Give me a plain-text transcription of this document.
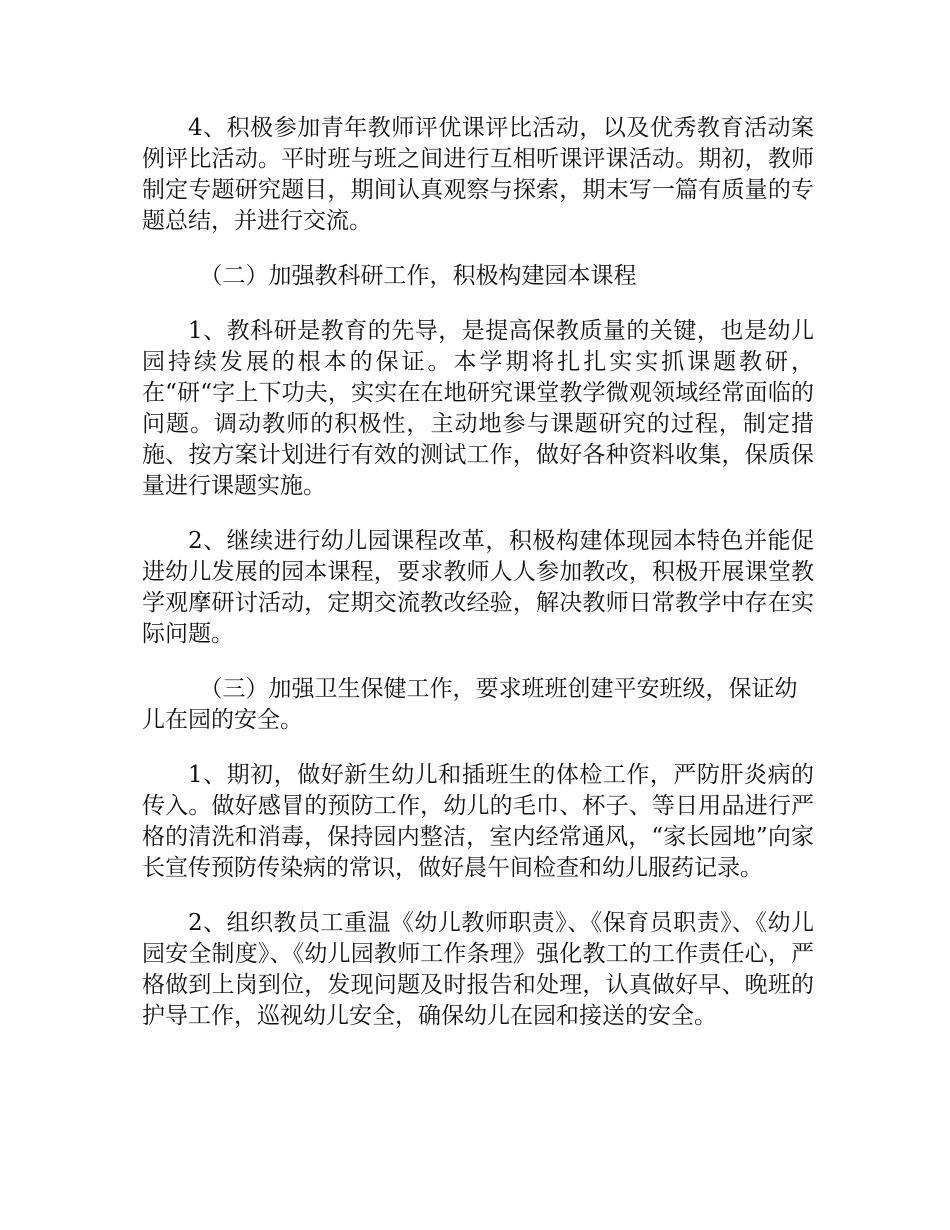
4、积极参加青年教师评优课评比活动，以及优秀教育活动案例评比活动。平时班与班之间进行互相听课评课活动。期初，教师制定专题研究题目，期间认真观察与探索，期末写一篇有质量的专题总结，并进行交流。

（二）加强教科研工作，积极构建园本课程

1、教科研是教育的先导，是提高保教质量的关键，也是幼儿园持续发展的根本的保证。本学期将扎扎实实抓课题教研，在“研“字上下功夫，实实在在地研究课堂教学微观领域经常面临的问题。调动教师的积极性，主动地参与课题研究的过程，制定措施、按方案计划进行有效的测试工作，做好各种资料收集，保质保量进行课题实施。

2、继续进行幼儿园课程改革，积极构建体现园本特色并能促进幼儿发展的园本课程，要求教师人人参加教改，积极开展课堂教学观摩研讨活动，定期交流教改经验，解决教师日常教学中存在实际问题。

（三）加强卫生保健工作，要求班班创建平安班级，保证幼儿在园的安全。

1、期初，做好新生幼儿和插班生的体检工作，严防肝炎病的传入。做好感冒的预防工作，幼儿的毛巾、杯子、等日用品进行严格的清洗和消毒，保持园内整洁，室内经常通风，“家长园地”向家长宣传预防传染病的常识，做好晨午间检查和幼儿服药记录。

2、组织教员工重温《幼儿教师职责》、《保育员职责》、《幼儿园安全制度》、《幼儿园教师工作条理》强化教工的工作责任心，严格做到上岗到位，发现问题及时报告和处理，认真做好早、晚班的护导工作，巡视幼儿安全，确保幼儿在园和接送的安全。
